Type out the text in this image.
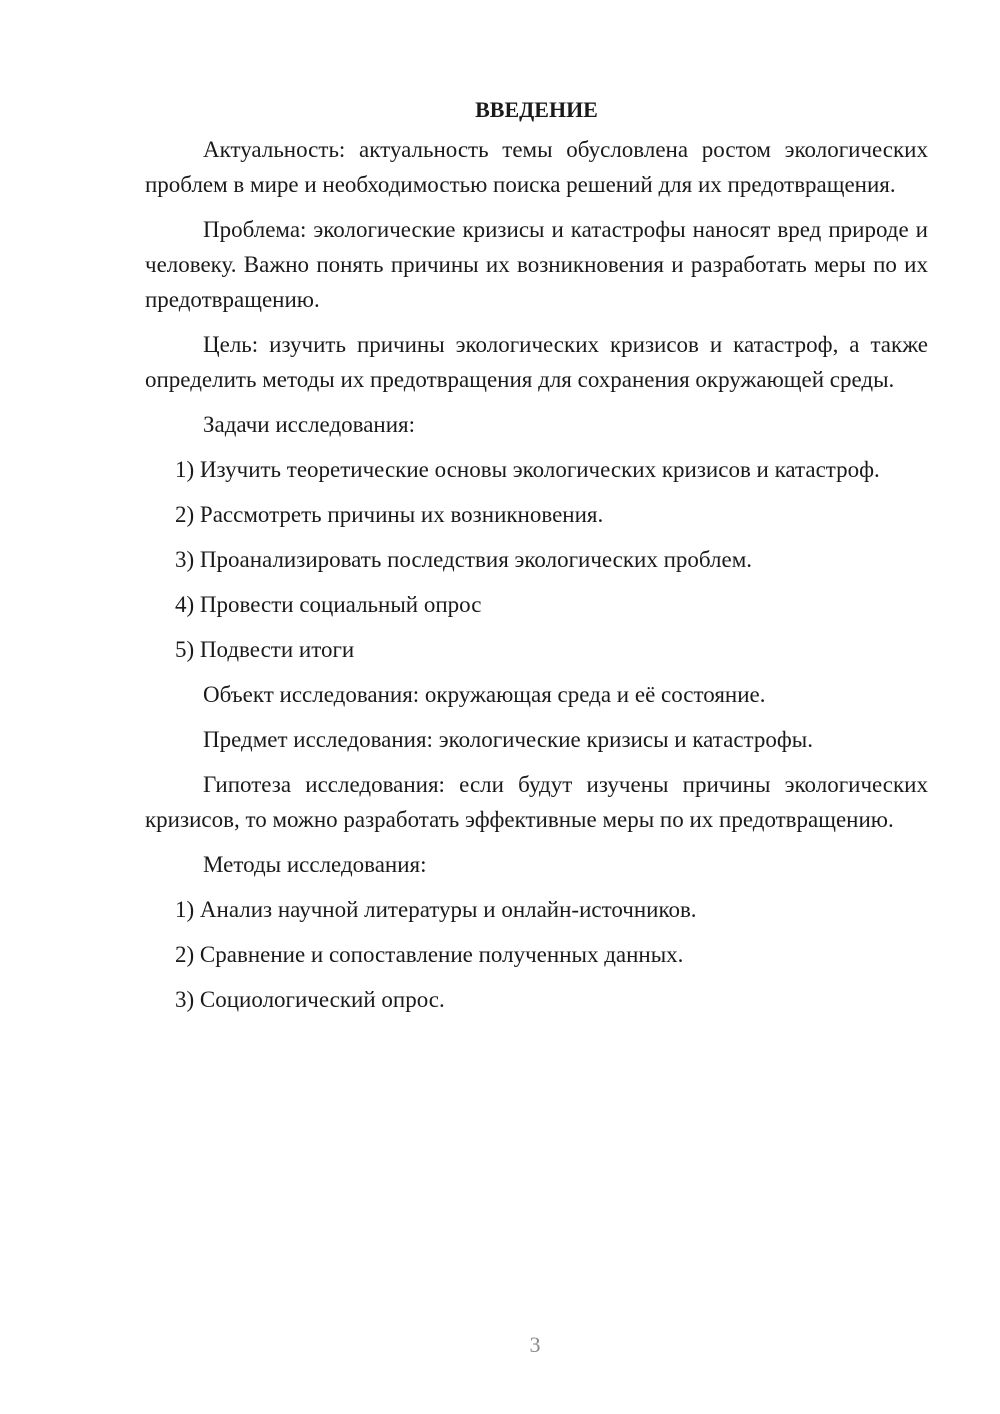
ВВЕДЕНИЕ

Актуальность: актуальность темы обусловлена ростом экологических проблем в мире и необходимостью поиска решений для их предотвращения.

Проблема: экологические кризисы и катастрофы наносят вред природе и человеку. Важно понять причины их возникновения и разработать меры по их предотвращению.

Цель: изучить причины экологических кризисов и катастроф, а также определить методы их предотвращения для сохранения окружающей среды.

Задачи исследования:

1) Изучить теоретические основы экологических кризисов и катастроф.

2) Рассмотреть причины их возникновения.

3) Проанализировать последствия экологических проблем.

4) Провести социальный опрос

5) Подвести итоги

Объект исследования: окружающая среда и её состояние.

Предмет исследования: экологические кризисы и катастрофы.

Гипотеза исследования: если будут изучены причины экологических кризисов, то можно разработать эффективные меры по их предотвращению.

Методы исследования:

1) Анализ научной литературы и онлайн-источников.

2) Сравнение и сопоставление полученных данных.

3) Социологический опрос.

3
